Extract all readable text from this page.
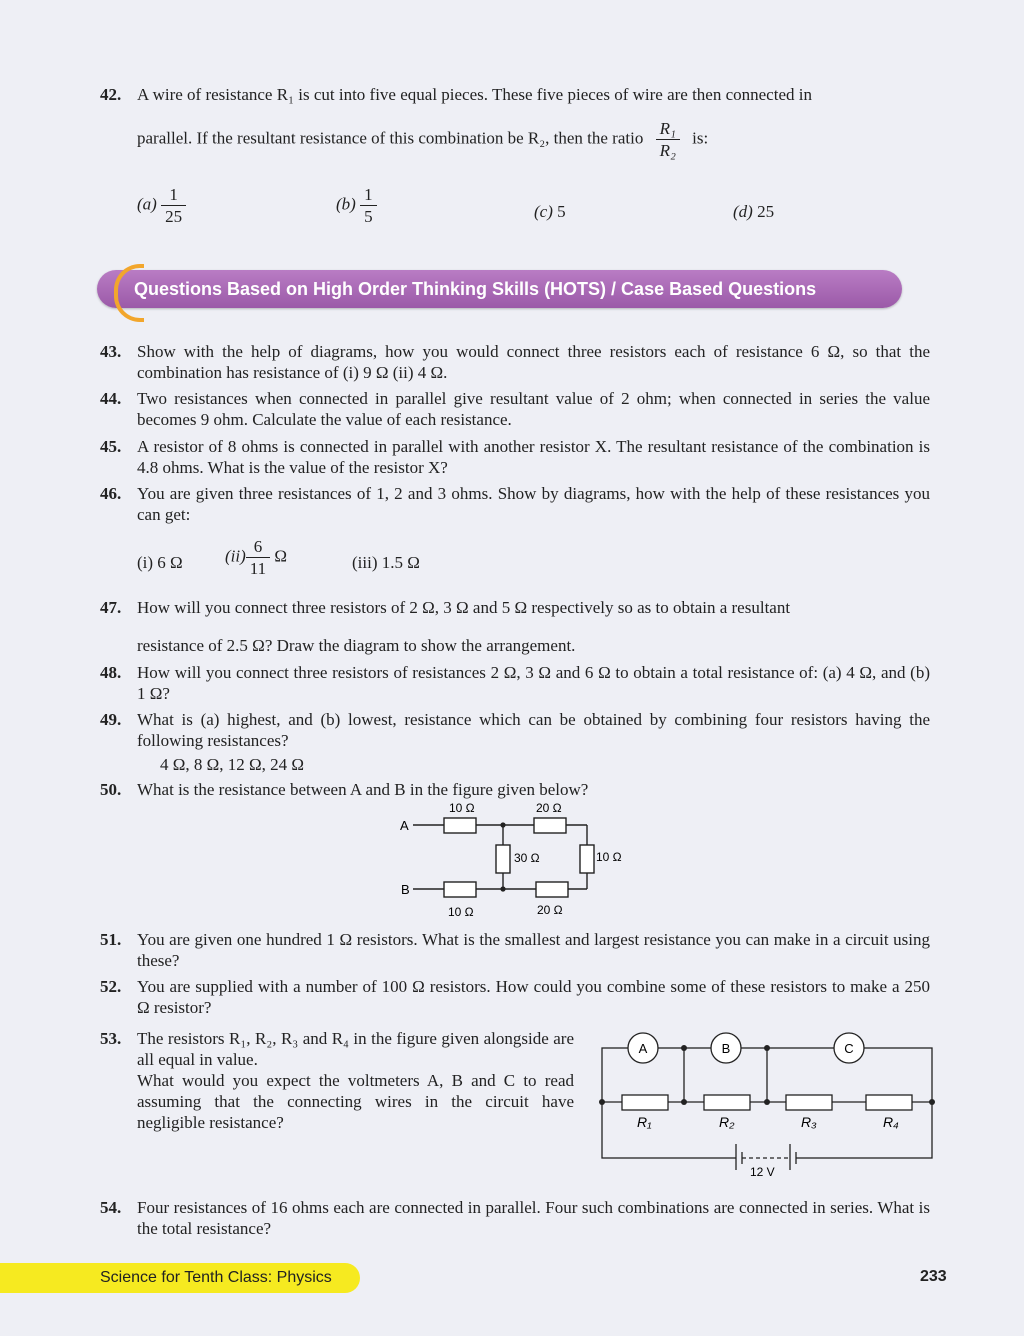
42. A wire of resistance R₁ is cut into five equal pieces. These five pieces of wire are then connected in

parallel. If the resultant resistance of this combination be R₂, then the ratio $\frac{\text{R₁}}{\text{R₂}}$ is:
$(a) \frac{1}{25}$	$(b) \frac{1}{5}$	(c) 5	(d) 25
Questions Based on High Order Thinking Skills (HOTS) / Case Based Questions
43. Show with the help of diagrams, how you would connect three resistors each of resistance 6 Ω, so that the combination has resistance of (i) 9 Ω (ii) 4 Ω.

44. Two resistances when connected in parallel give resultant value of 2 ohm; when connected in series the value becomes 9 ohm. Calculate the value of each resistance.

45. A resistor of 8 ohms is connected in parallel with another resistor X. The resultant resistance of the combination is 4.8 ohms. What is the value of the resistor X?

46. You are given three resistances of 1, 2 and 3 ohms. Show by diagrams, how with the help of these resistances you can get:

(i) 6 Ω $(ii) \frac{6}{11}$ Ω	(iii) 1.5 Ω
47. How will you connect three resistors of 2 Ω, 3 Ω and 5 Ω respectively so as to obtain a resultant

resistance of 2.5 Ω? Draw the diagram to show the arrangement.
48. How will you connect three resistors of resistances 2 Ω, 3 Ω and 6 Ω to obtain a total resistance of: (a) 4 Ω, and (b) 1 Ω?

49. What is (a) highest, and (b) lowest, resistance which can be obtained by combining four resistors having the following resistances?

4 Ω, 8 Ω, 12 Ω, 24 Ω
50. What is the resistance between A and B in the figure given below?

A
B
10 Ω	20 Ω
30 Ω	10 Ω
10 Ω	20 Ω
51. You are given one hundred 1 Ω resistors. What is the smallest and largest resistance you can make in a circuit using these?

52. You are supplied with a number of 100 Ω resistors. How could you combine some of these resistors to make a 250 Ω resistor?

53. The resistors R₁, R₂, R₃ and R₄ in the figure given alongside are all equal in value.

What would you expect the voltmeters A, B and C to read assuming that the connecting wires in the circuit have negligible resistance?

A	B	C
R₁	R₂	R₃	R₄
12 V
54. Four resistances of 16 ohms each are connected in parallel. Four such combinations are connected in series. What is the total resistance?

Science for Tenth Class: Physics	233
